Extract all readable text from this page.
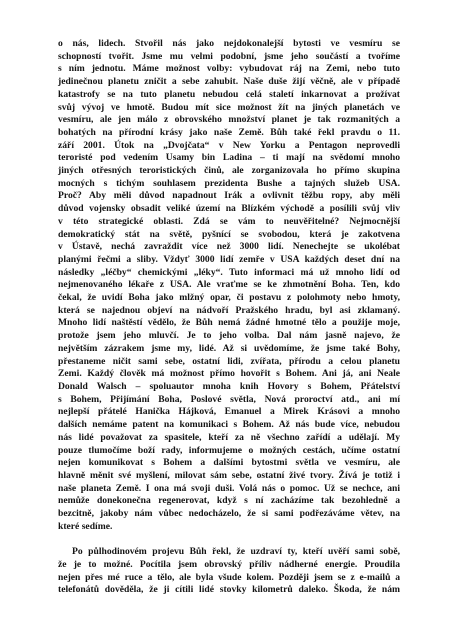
o nás, lidech. Stvořil nás jako nejdokonalejší bytosti ve vesmíru se
schopností tvořit. Jsme mu velmi podobní, jsme jeho součástí a tvoříme
s ním jednotu. Máme možnost volby: vybudovat ráj na Zemi, nebo tuto
jedinečnou planetu zničit a sebe zahubit. Naše duše žijí věčně, ale v případě
katastrofy se na tuto planetu nebudou celá staletí inkarnovat a prožívat
svůj vývoj ve hmotě. Budou mít sice možnost žít na jiných planetách ve
vesmíru, ale jen málo z obrovského množství planet je tak rozmanitých a
bohatých na přírodní krásy jako naše Země. Bůh také řekl pravdu o 11.
září 2001. Útok na „Dvojčata“ v New Yorku a Pentagon neprovedli
teroristé pod vedením Usamy bin Ladina – ti mají na svědomí mnoho
jiných otřesných teroristických činů, ale zorganizovala ho přímo skupina
mocných s tichým souhlasem prezidenta Bushe a tajných služeb USA.
Proč? Aby měli důvod napadnout Irák a ovlivnit těžbu ropy, aby měli
důvod vojensky obsadit veliké území na Blízkém východě a posílili svůj vliv
v této strategické oblasti. Zdá se vám to neuvěřitelné? Nejmocnější
demokratický stát na světě, pyšnící se svobodou, která je zakotvena
v Ústavě, nechá zavraždit více než 3000 lidí. Nenechejte se ukolébat
planými řečmi a sliby. Vždyť 3000 lidí zemře v USA každých deset dní na
následky „léčby“ chemickými „léky“. Tuto informaci má už mnoho lidí od
nejmenovaného lékaře z USA. Ale vraťme se ke zhmotnění Boha. Ten, kdo
čekal, že uvidí Boha jako mlžný opar, či postavu z polohmoty nebo hmoty,
která se najednou objeví na nádvoří Pražského hradu, byl asi zklamaný.
Mnoho lidí naštěstí vědělo, že Bůh nemá žádné hmotné tělo a použije moje,
protože jsem jeho mluvčí. Je to jeho volba. Dal nám jasně najevo, že
největším zázrakem jsme my, lidé. Až si uvědomíme, že jsme také Bohy,
přestaneme ničit sami sebe, ostatní lidi, zvířata, přírodu a celou planetu
Zemi. Každý člověk má možnost přímo hovořit s Bohem. Ani já, ani Neale
Donald Walsch – spoluautor mnoha knih Hovory s Bohem, Přátelství
s Bohem, Přijímání Boha, Poslové světla, Nová proroctví atd., ani mí
nejlepší přátelé Hanička Hájková, Emanuel a Mirek Krásovi a mnoho
dalších nemáme patent na komunikaci s Bohem. Až nás bude více, nebudou
nás lidé považovat za spasitele, kteří za ně všechno zařídí a udělají. My
pouze tlumočíme boží rady, informujeme o možných cestách, učíme ostatní
nejen komunikovat s Bohem a dalšími bytostmi světla ve vesmíru, ale
hlavně měnit své myšlení, milovat sám sebe, ostatní živé tvory. Žívá je totiž i
naše planeta Země. I ona má svoji duši. Volá nás o pomoc. Už se nechce, ani
nemůže donekonečna regenerovat, když s ní zacházíme tak bezohledně a
bezcitně, jakoby nám vůbec nedocházelo, že si sami podřezáváme větev, na
které sedíme.
Po půlhodinovém projevu Bůh řekl, že uzdraví ty, kteří uvěří sami sobě,
že je to možné. Pocítila jsem obrovský příliv nádherné energie. Proudila
nejen přes mé ruce a tělo, ale byla všude kolem. Později jsem se z e-mailů a
telefonátů dověděla, že ji cítili lidé stovky kilometrů daleko. Škoda, že nám
